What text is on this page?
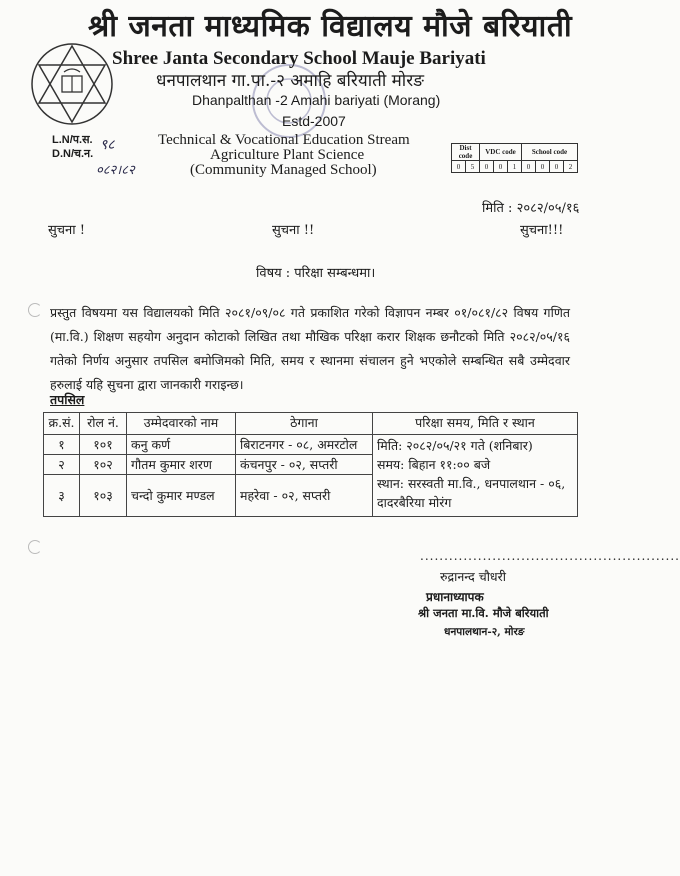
श्री जनता माध्यमिक विद्यालय मौजे बरियाती
Shree Janta Secondary School Mauje Bariyati
धनपालथान गा.पा.-२ अमाहि बरियाती मोरङ
Dhanpalthan -2 Amahi bariyati (Morang)
Estd-2007
Technical & Vocational Education Stream
Agriculture Plant Science
(Community Managed School)
L.N/प.स.
D.N/च.न.
९८
०८२।८२
Dist code		VDC code			School code			
0	5	0	0	1	0	0	0	2
मिति : २०८२/०५/१६
सुचना !	सुचना !!	सुचना!!!
विषय : परिक्षा सम्बन्धमा।
प्रस्तुत विषयमा यस विद्यालयको मिति २०८१/०९/०८ गते प्रकाशित गरेको विज्ञापन नम्बर ०१/०८१/८२ विषय गणित (मा.वि.) शिक्षण सहयोग अनुदान कोटाको लिखित तथा मौखिक परिक्षा करार शिक्षक छनौटको मिति २०८२/०५/१६ गतेको निर्णय अनुसार तपसिल बमोजिमको मिति, समय र स्थानमा संचालन हुने भएकोले सम्बन्धित सबै उम्मेदवार हरुलाई यहि सुचना द्वारा जानकारी गराइन्छ।
तपसिल
क्र.सं.	रोल नं.	उम्मेदवारको नाम	ठेगाना	परिक्षा समय, मिति र स्थान
१	१०१	कनु कर्ण	बिराटनगर - ०८, अमरटोल	मिति: २०८२/०५/२१ गते (शनिबार)
समय: बिहान ११:०० बजे
स्थान: सरस्वती मा.वि., धनपालथान - ०६, दादरबैरिया मोरंग

२	१०२	गौतम कुमार शरण	कंचनपुर - ०२, सप्तरी	
३	१०३	चन्दो कुमार मण्डल	महरेवा - ०२, सप्तरी	
......................................................
रुद्रानन्द चौधरी
प्रधानाध्यापक
श्री जनता मा.वि. मौजे बरियाती
धनपालथान-२, मोरङ
